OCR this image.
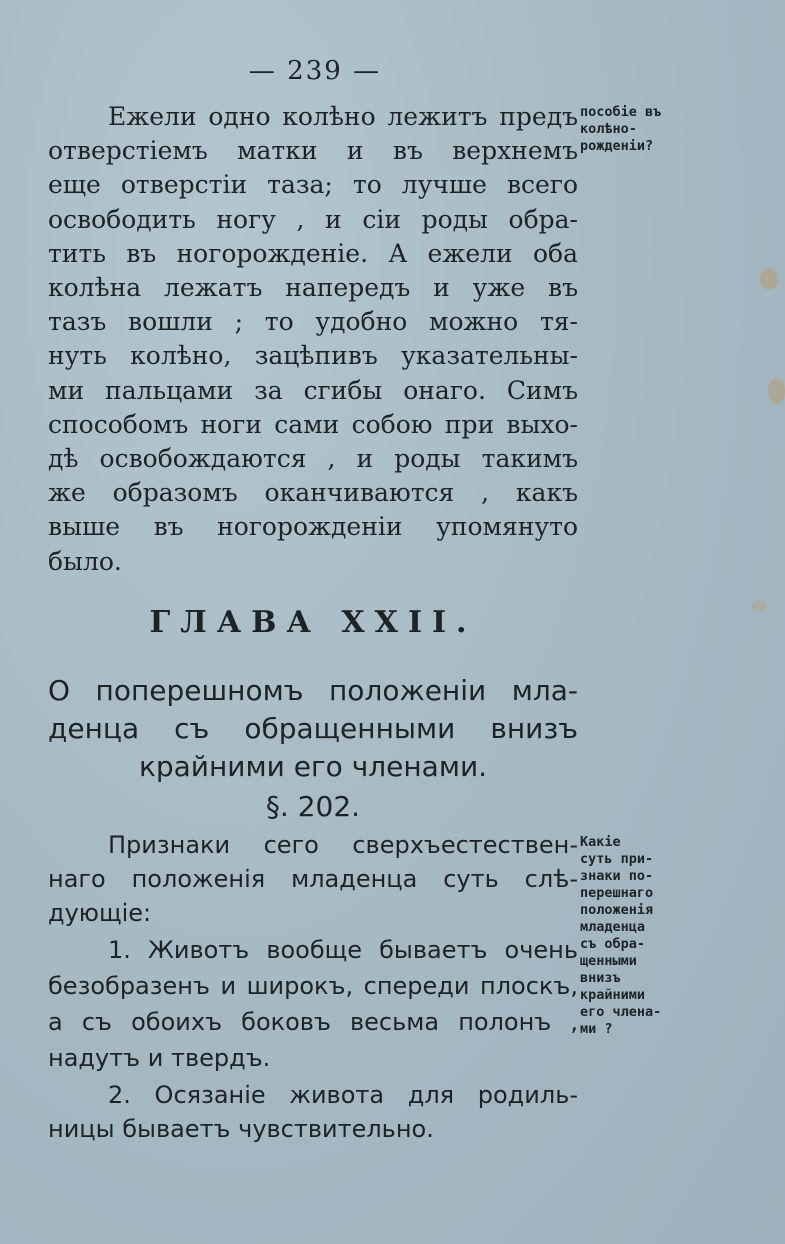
— 239 —
Ежели одно колѣно лежитъ предъ
отверстіемъ матки и въ верхнемъ
еще отверстіи таза; то лучше всего
освободить ногу , и сіи роды обра-
тить въ ногорожденіе. А ежели оба
колѣна лежатъ напередъ и уже въ
тазъ вошли ; то удобно можно тя-
нуть колѣно, зацѣпивъ указательны-
ми пальцами за сгибы онаго. Симъ
способомъ ноги сами собою при выхо-
дѣ освобождаются , и роды такимъ
же образомъ оканчиваются , какъ
выше въ ногорожденіи упомянуто
было.
пособіе въ
колѣно-
рожденіи?
ГЛАВА XXII.
О поперешномъ положеніи мла-
денца съ обращенными внизъ
крайними его членами.
§. 202.
Признаки сего сверхъестествен-
наго положенія младенца суть слѣ-
дующіе:
1. Животъ вообще бываетъ очень
безобразенъ и широкъ, спереди плоскъ,
а съ обоихъ боковъ весьма полонъ ,
надутъ и твердъ.
2. Осязаніе живота для родиль-
ницы бываетъ чувствительно.
Какіе
суть при-
знаки по-
перешнаго
положенія
младенца
съ обра-
щенными
внизъ
крайними
его члена-
ми ?
